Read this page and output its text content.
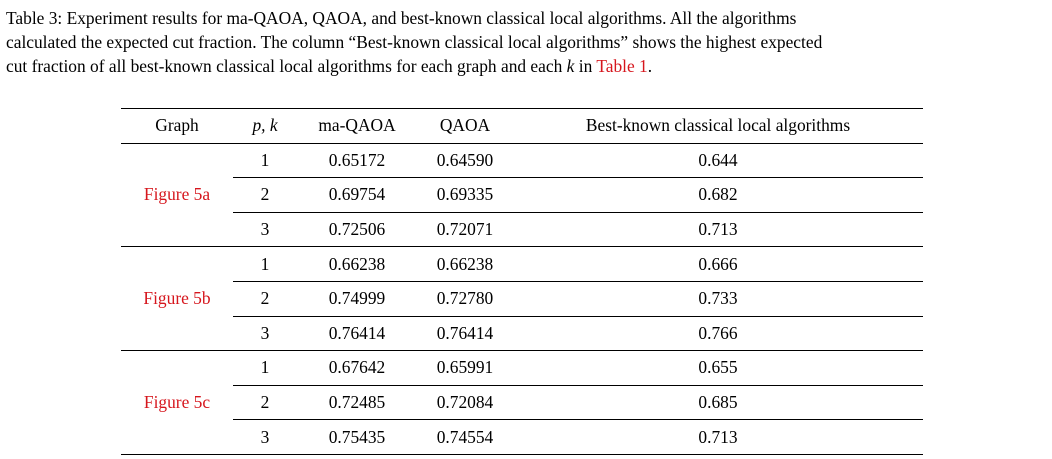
Table 3: Experiment results for ma-QAOA, QAOA, and best-known classical local algorithms. All the algorithms

calculated the expected cut fraction. The column “Best-known classical local algorithms” shows the highest expected

cut fraction of all best-known classical local algorithms for each graph and each k in Table 1.

Graph	p, k	ma-QAOA	QAOA	Best-known classical local algorithms
Figure 5a	1	0.65172	0.64590	0.644
	2	0.69754	0.69335	0.682
	3	0.72506	0.72071	0.713
Figure 5b	1	0.66238	0.66238	0.666
	2	0.74999	0.72780	0.733
	3	0.76414	0.76414	0.766
Figure 5c	1	0.67642	0.65991	0.655
	2	0.72485	0.72084	0.685
	3	0.75435	0.74554	0.713
